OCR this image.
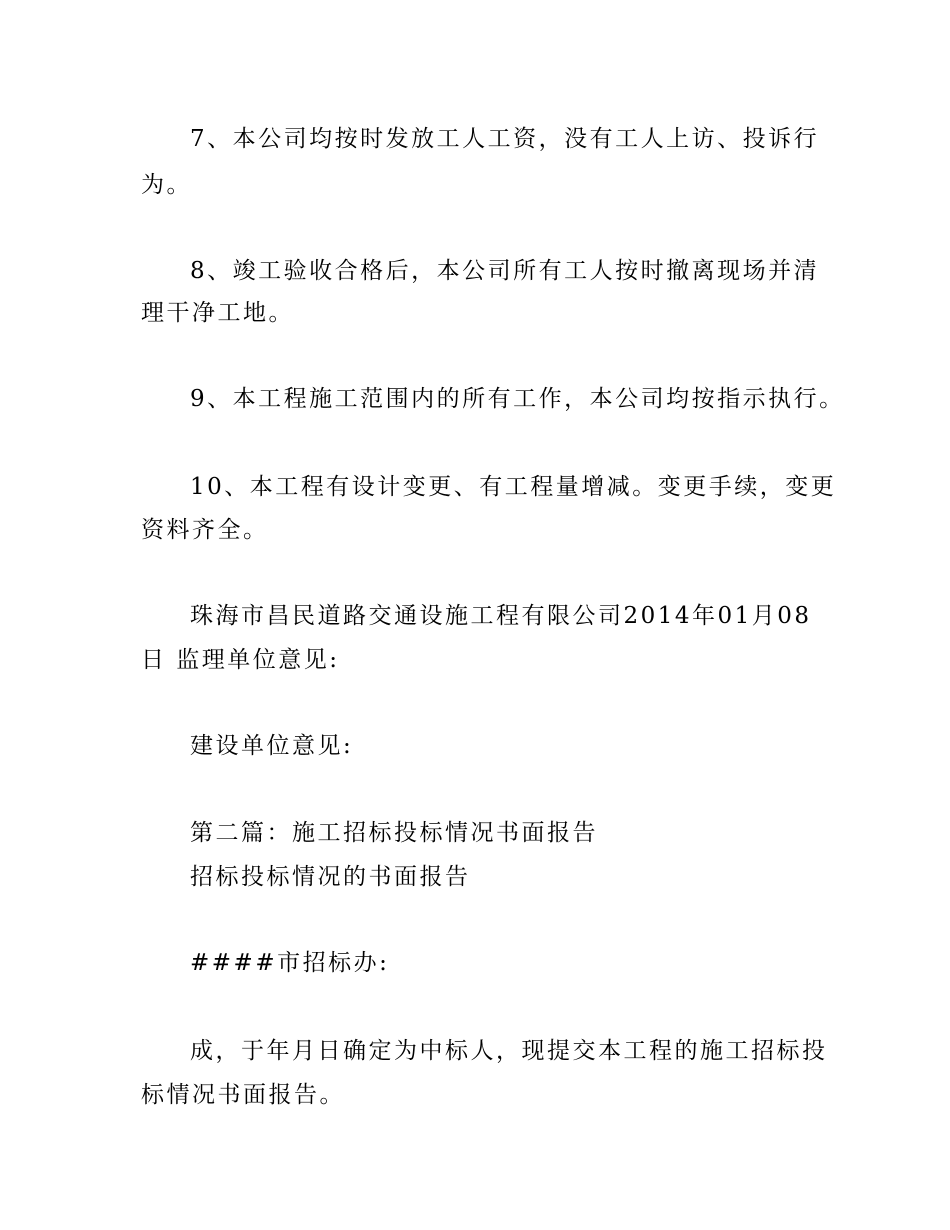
7、本公司均按时发放工人工资，没有工人上访、投诉行
为。
8、竣工验收合格后，本公司所有工人按时撤离现场并清
理干净工地。
9、本工程施工范围内的所有工作，本公司均按指示执行。
10、本工程有设计变更、有工程量增减。变更手续，变更
资料齐全。
珠海市昌民道路交通设施工程有限公司2014年01月08
日 监理单位意见:
建设单位意见:
第二篇：施工招标投标情况书面报告
招标投标情况的书面报告
####市招标办:
成，于年月日确定为中标人，现提交本工程的施工招标投
标情况书面报告。
